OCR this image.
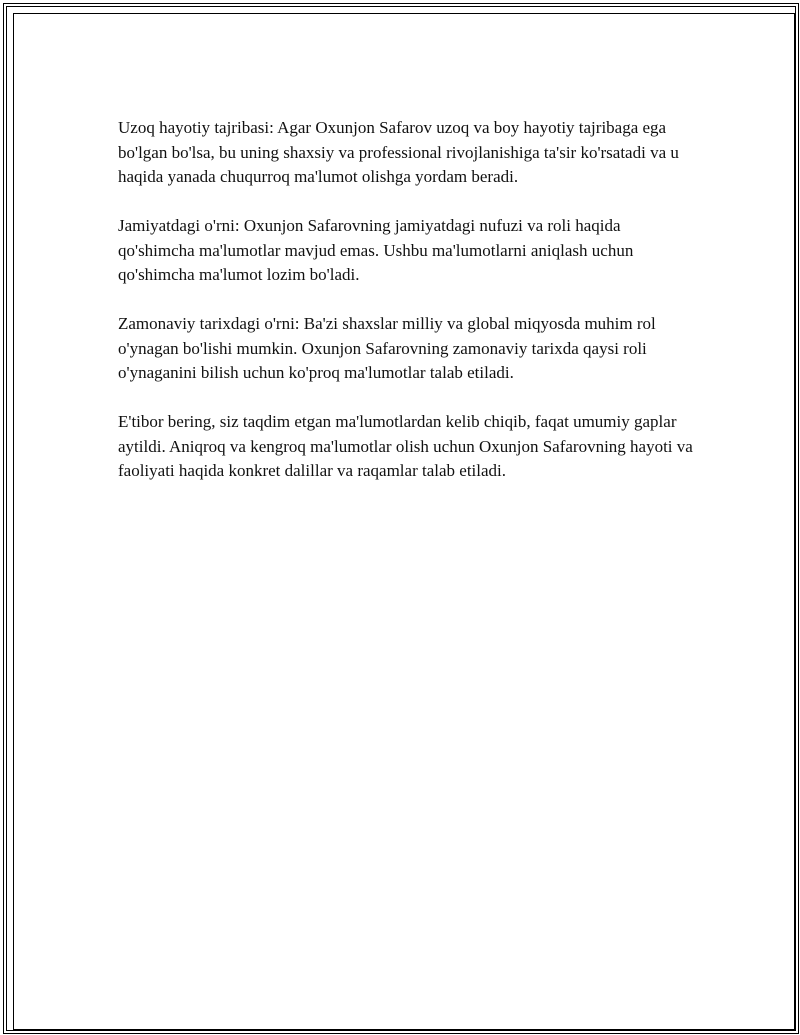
Uzoq hayotiy tajribasi: Agar Oxunjon Safarov uzoq va boy hayotiy tajribaga ega bo'lgan bo'lsa, bu uning shaxsiy va professional rivojlanishiga ta'sir ko'rsatadi va u haqida yanada chuqurroq ma'lumot olishga yordam beradi.

Jamiyatdagi o'rni: Oxunjon Safarovning jamiyatdagi nufuzi va roli haqida qo'shimcha ma'lumotlar mavjud emas. Ushbu ma'lumotlarni aniqlash uchun qo'shimcha ma'lumot lozim bo'ladi.

Zamonaviy tarixdagi o'rni: Ba'zi shaxslar milliy va global miqyosda muhim rol o'ynagan bo'lishi mumkin. Oxunjon Safarovning zamonaviy tarixda qaysi roli o'ynaganini bilish uchun ko'proq ma'lumotlar talab etiladi.

E'tibor bering, siz taqdim etgan ma'lumotlardan kelib chiqib, faqat umumiy gaplar aytildi. Aniqroq va kengroq ma'lumotlar olish uchun Oxunjon Safarovning hayoti va faoliyati haqida konkret dalillar va raqamlar talab etiladi.
